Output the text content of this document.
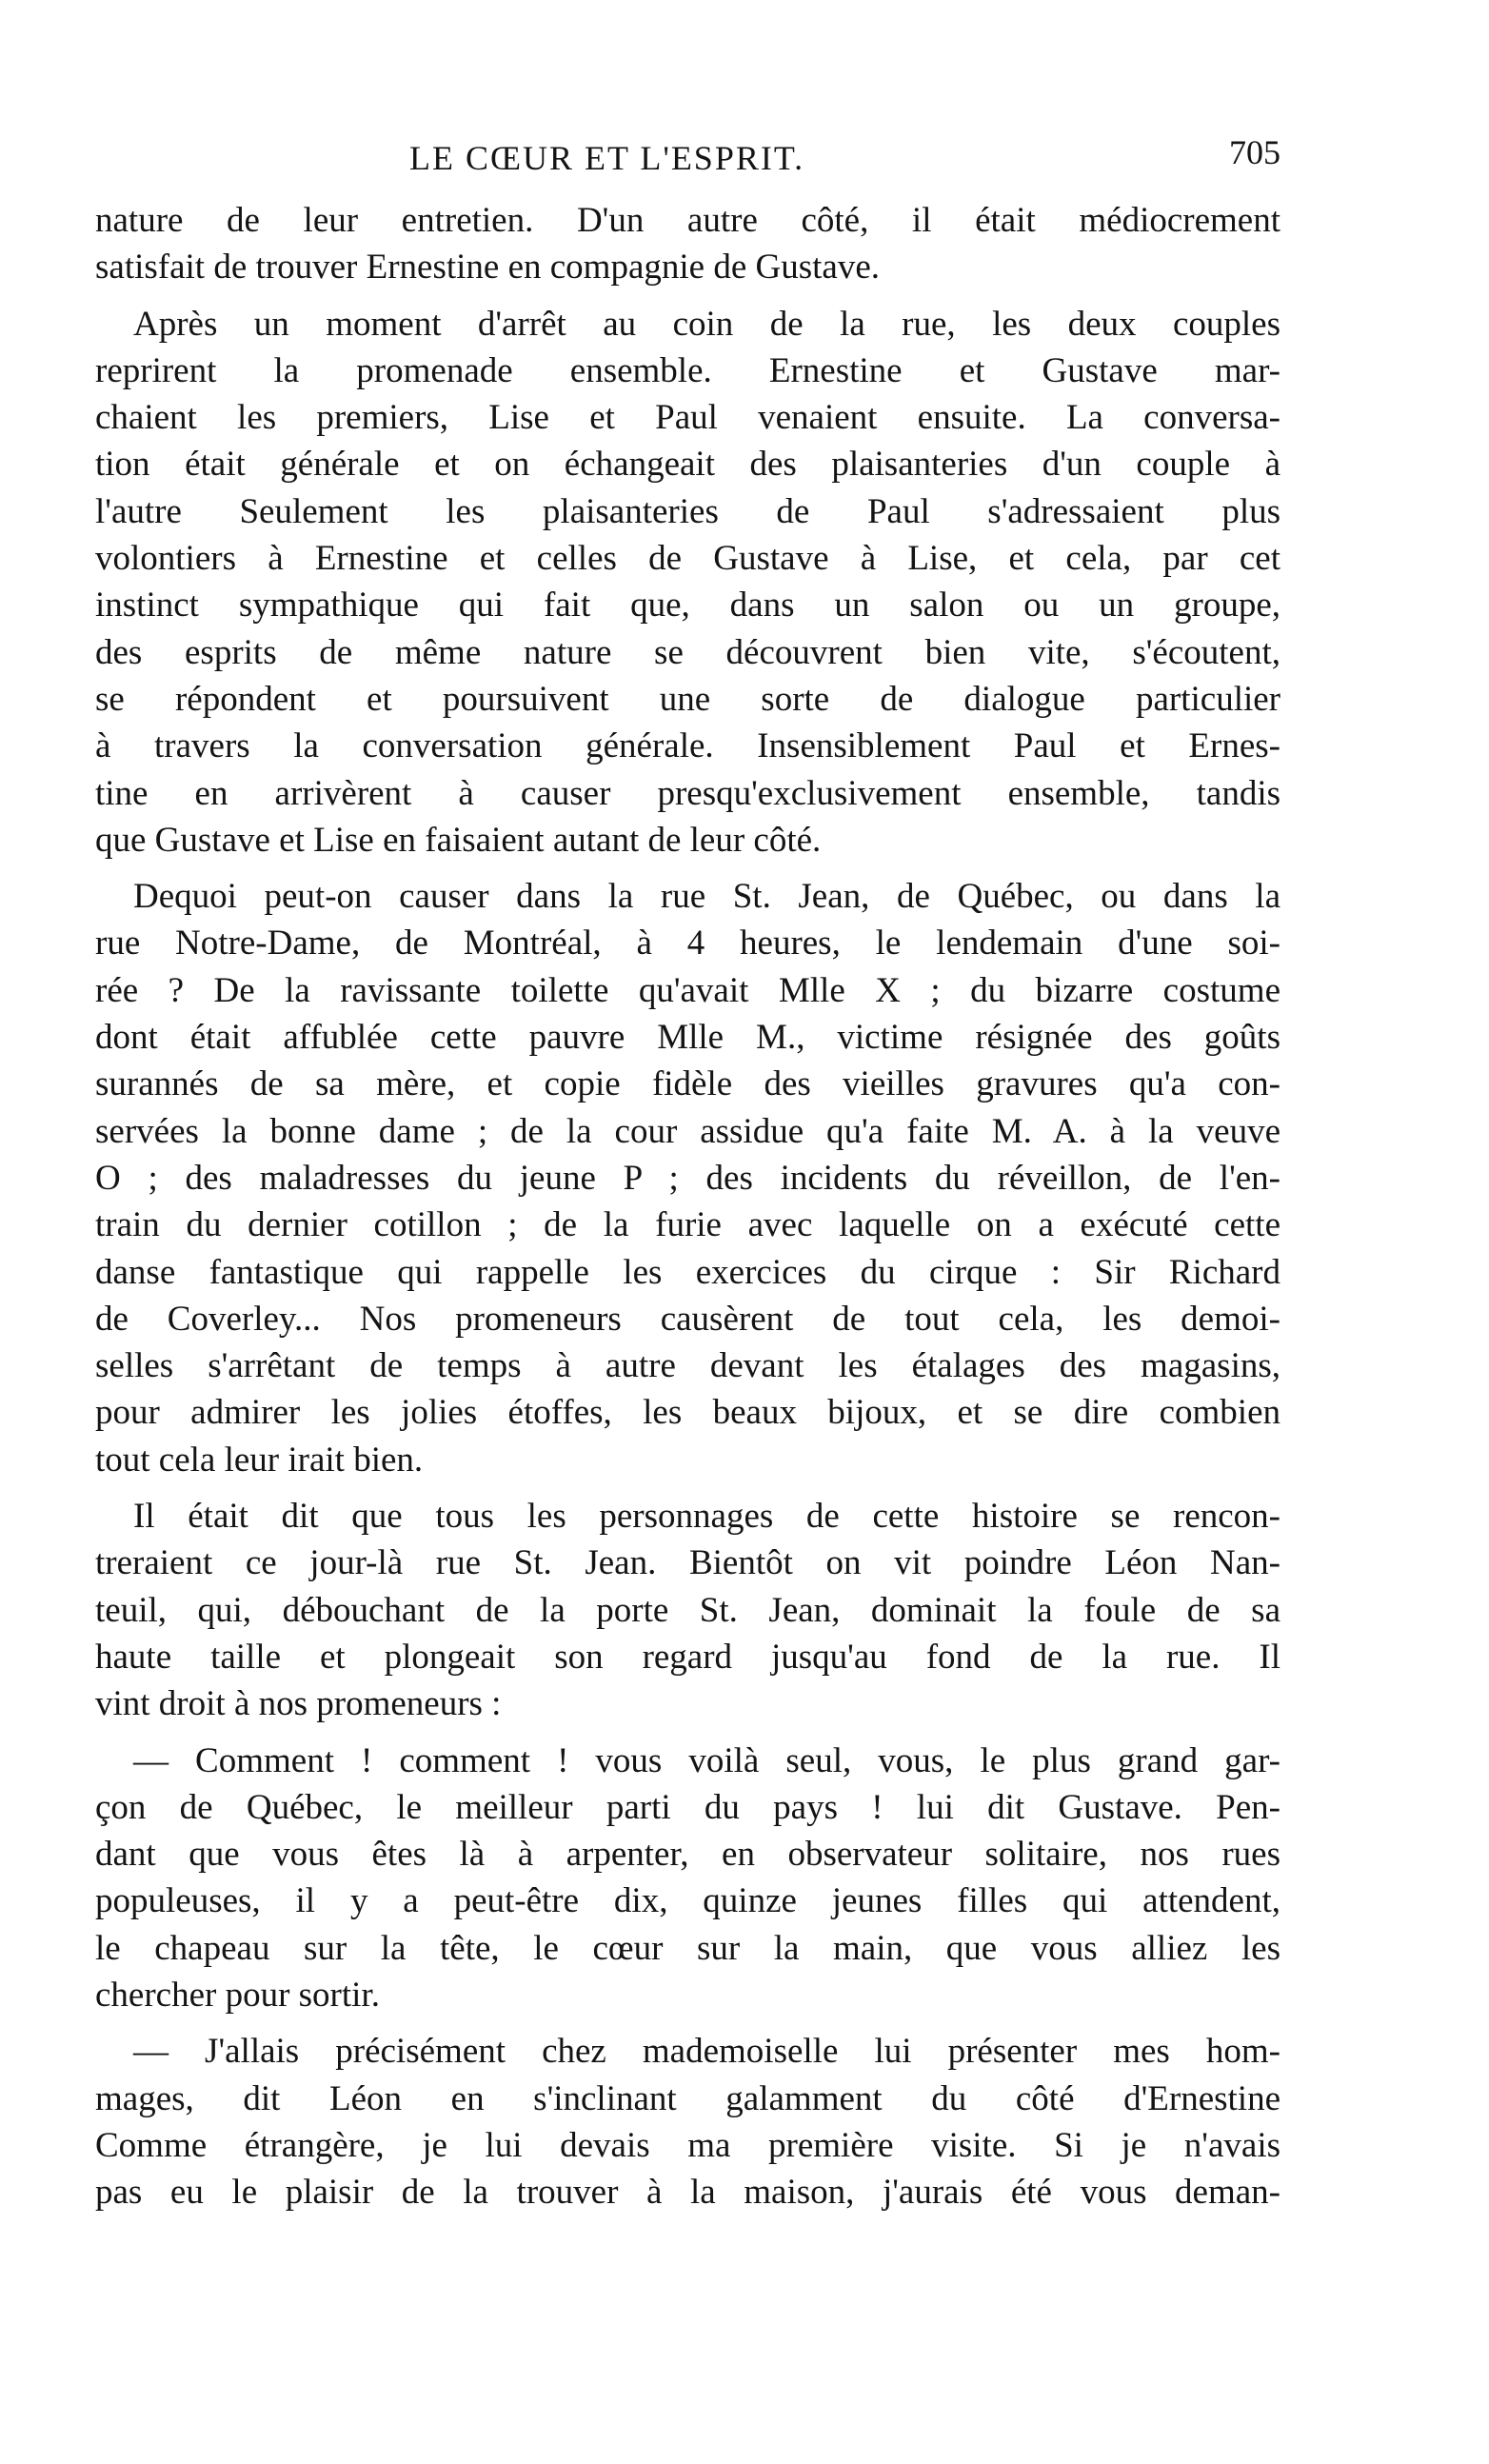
LE CŒUR ET L'ESPRIT.	705

nature de leur entretien. D'un autre côté, il était médiocrement
satisfait de trouver Ernestine en compagnie de Gustave.

Après un moment d'arrêt au coin de la rue, les deux couples
reprirent la promenade ensemble. Ernestine et Gustave mar-
chaient les premiers, Lise et Paul venaient ensuite. La conversa-
tion était générale et on échangeait des plaisanteries d'un couple à
l'autre Seulement les plaisanteries de Paul s'adressaient plus
volontiers à Ernestine et celles de Gustave à Lise, et cela, par cet
instinct sympathique qui fait que, dans un salon ou un groupe,
des esprits de même nature se découvrent bien vite, s'écoutent,
se répondent et poursuivent une sorte de dialogue particulier
à travers la conversation générale. Insensiblement Paul et Ernes-
tine en arrivèrent à causer presqu'exclusivement ensemble, tandis
que Gustave et Lise en faisaient autant de leur côté.

Dequoi peut-on causer dans la rue St. Jean, de Québec, ou dans la
rue Notre-Dame, de Montréal, à 4 heures, le lendemain d'une soi-
rée ? De la ravissante toilette qu'avait Mlle X ; du bizarre costume
dont était affublée cette pauvre Mlle M., victime résignée des goûts
surannés de sa mère, et copie fidèle des vieilles gravures qu'a con-
servées la bonne dame ; de la cour assidue qu'a faite M. A. à la veuve
O ; des maladresses du jeune P ; des incidents du réveillon, de l'en-
train du dernier cotillon ; de la furie avec laquelle on a exécuté cette
danse fantastique qui rappelle les exercices du cirque : Sir Richard
de Coverley... Nos promeneurs causèrent de tout cela, les demoi-
selles s'arrêtant de temps à autre devant les étalages des magasins,
pour admirer les jolies étoffes, les beaux bijoux, et se dire combien
tout cela leur irait bien.

Il était dit que tous les personnages de cette histoire se rencon-
treraient ce jour-là rue St. Jean. Bientôt on vit poindre Léon Nan-
teuil, qui, débouchant de la porte St. Jean, dominait la foule de sa
haute taille et plongeait son regard jusqu'au fond de la rue. Il
vint droit à nos promeneurs :

— Comment ! comment ! vous voilà seul, vous, le plus grand gar-
çon de Québec, le meilleur parti du pays ! lui dit Gustave. Pen-
dant que vous êtes là à arpenter, en observateur solitaire, nos rues
populeuses, il y a peut-être dix, quinze jeunes filles qui attendent,
le chapeau sur la tête, le cœur sur la main, que vous alliez les
chercher pour sortir.

— J'allais précisément chez mademoiselle lui présenter mes hom-
mages, dit Léon en s'inclinant galamment du côté d'Ernestine
Comme étrangère, je lui devais ma première visite. Si je n'avais
pas eu le plaisir de la trouver à la maison, j'aurais été vous deman-
